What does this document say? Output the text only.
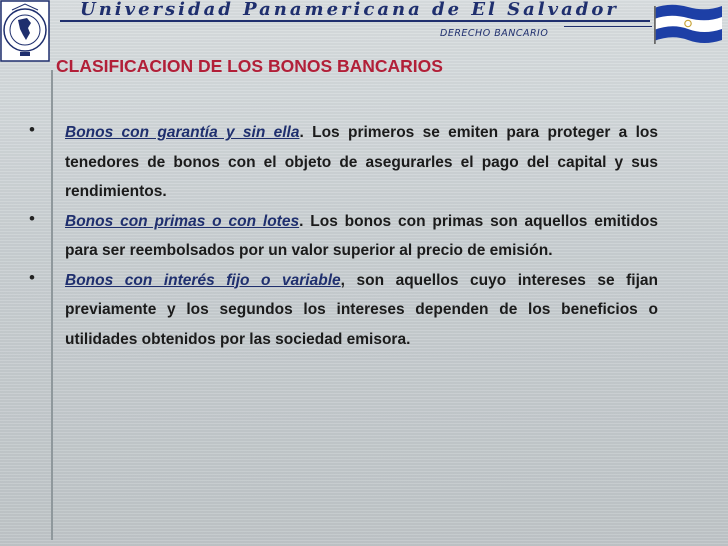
Universidad Panamericana de El Salvador
DERECHO BANCARIO
CLASIFICACION DE LOS BONOS BANCARIOS
• Bonos con garantía y sin ella. Los primeros se emiten para proteger a los tenedores de bonos con el objeto de asegurarles el pago del capital y sus rendimientos.
• Bonos con primas o con lotes. Los bonos con primas son aquellos emitidos para ser reembolsados por un valor superior al precio de emisión.
• Bonos con interés fijo o variable, son aquellos cuyo intereses se fijan previamente y los segundos los intereses dependen de los beneficios o utilidades obtenidos por las sociedad emisora.
